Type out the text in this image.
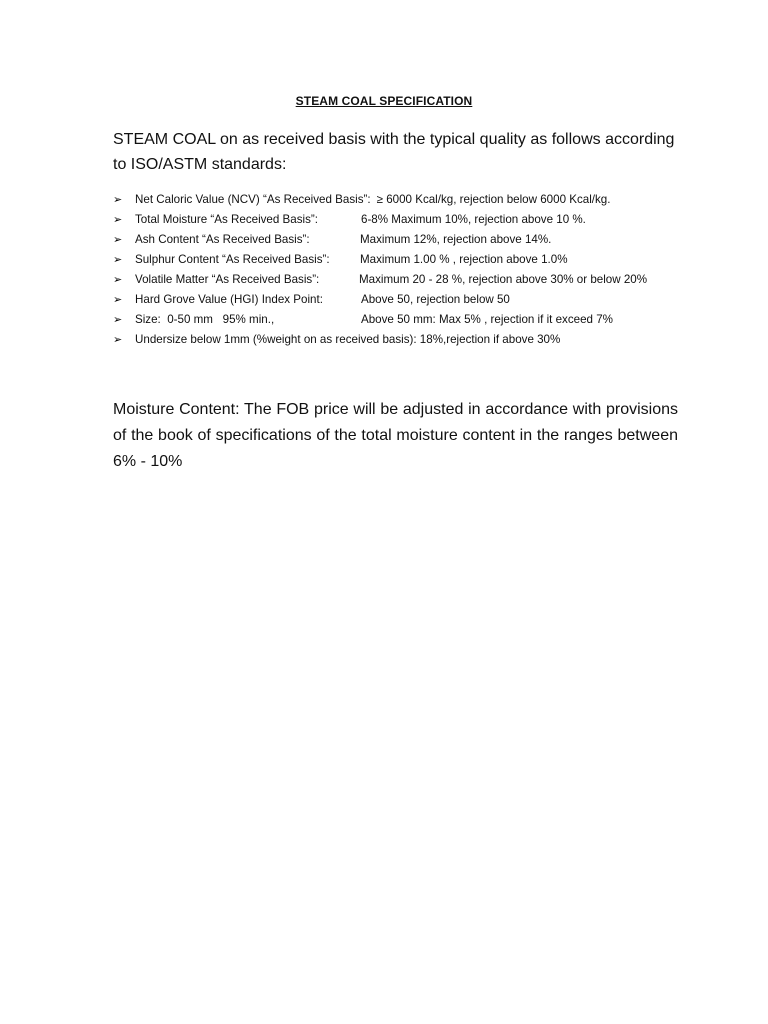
STEAM COAL SPECIFICATION

STEAM COAL on as received basis with the typical quality as follows according to ISO/ASTM standards:

➢	Net Caloric Value (NCV) “As Received Basis”: ≥ 6000 Kcal/kg, rejection below 6000 Kcal/kg.
➢	Total Moisture “As Received Basis”:	6-8% Maximum 10%, rejection above 10 %.
➢	Ash Content “As Received Basis”:	Maximum 12%, rejection above 14%.
➢	Sulphur Content “As Received Basis”:	Maximum 1.00 % , rejection above 1.0%
➢	Volatile Matter “As Received Basis”:	Maximum 20 - 28 %, rejection above 30% or below 20%
➢	Hard Grove Value (HGI) Index Point:	Above 50, rejection below 50
➢	Size:  0-50 mm   95% min.,	Above 50 mm: Max 5% , rejection if it exceed 7%
➢	Undersize below 1mm (%weight on as received basis): 18%,rejection if above 30%

Moisture Content: The FOB price will be adjusted in accordance with provisions of the book of specifications of the total moisture content in the ranges between 6% - 10%
